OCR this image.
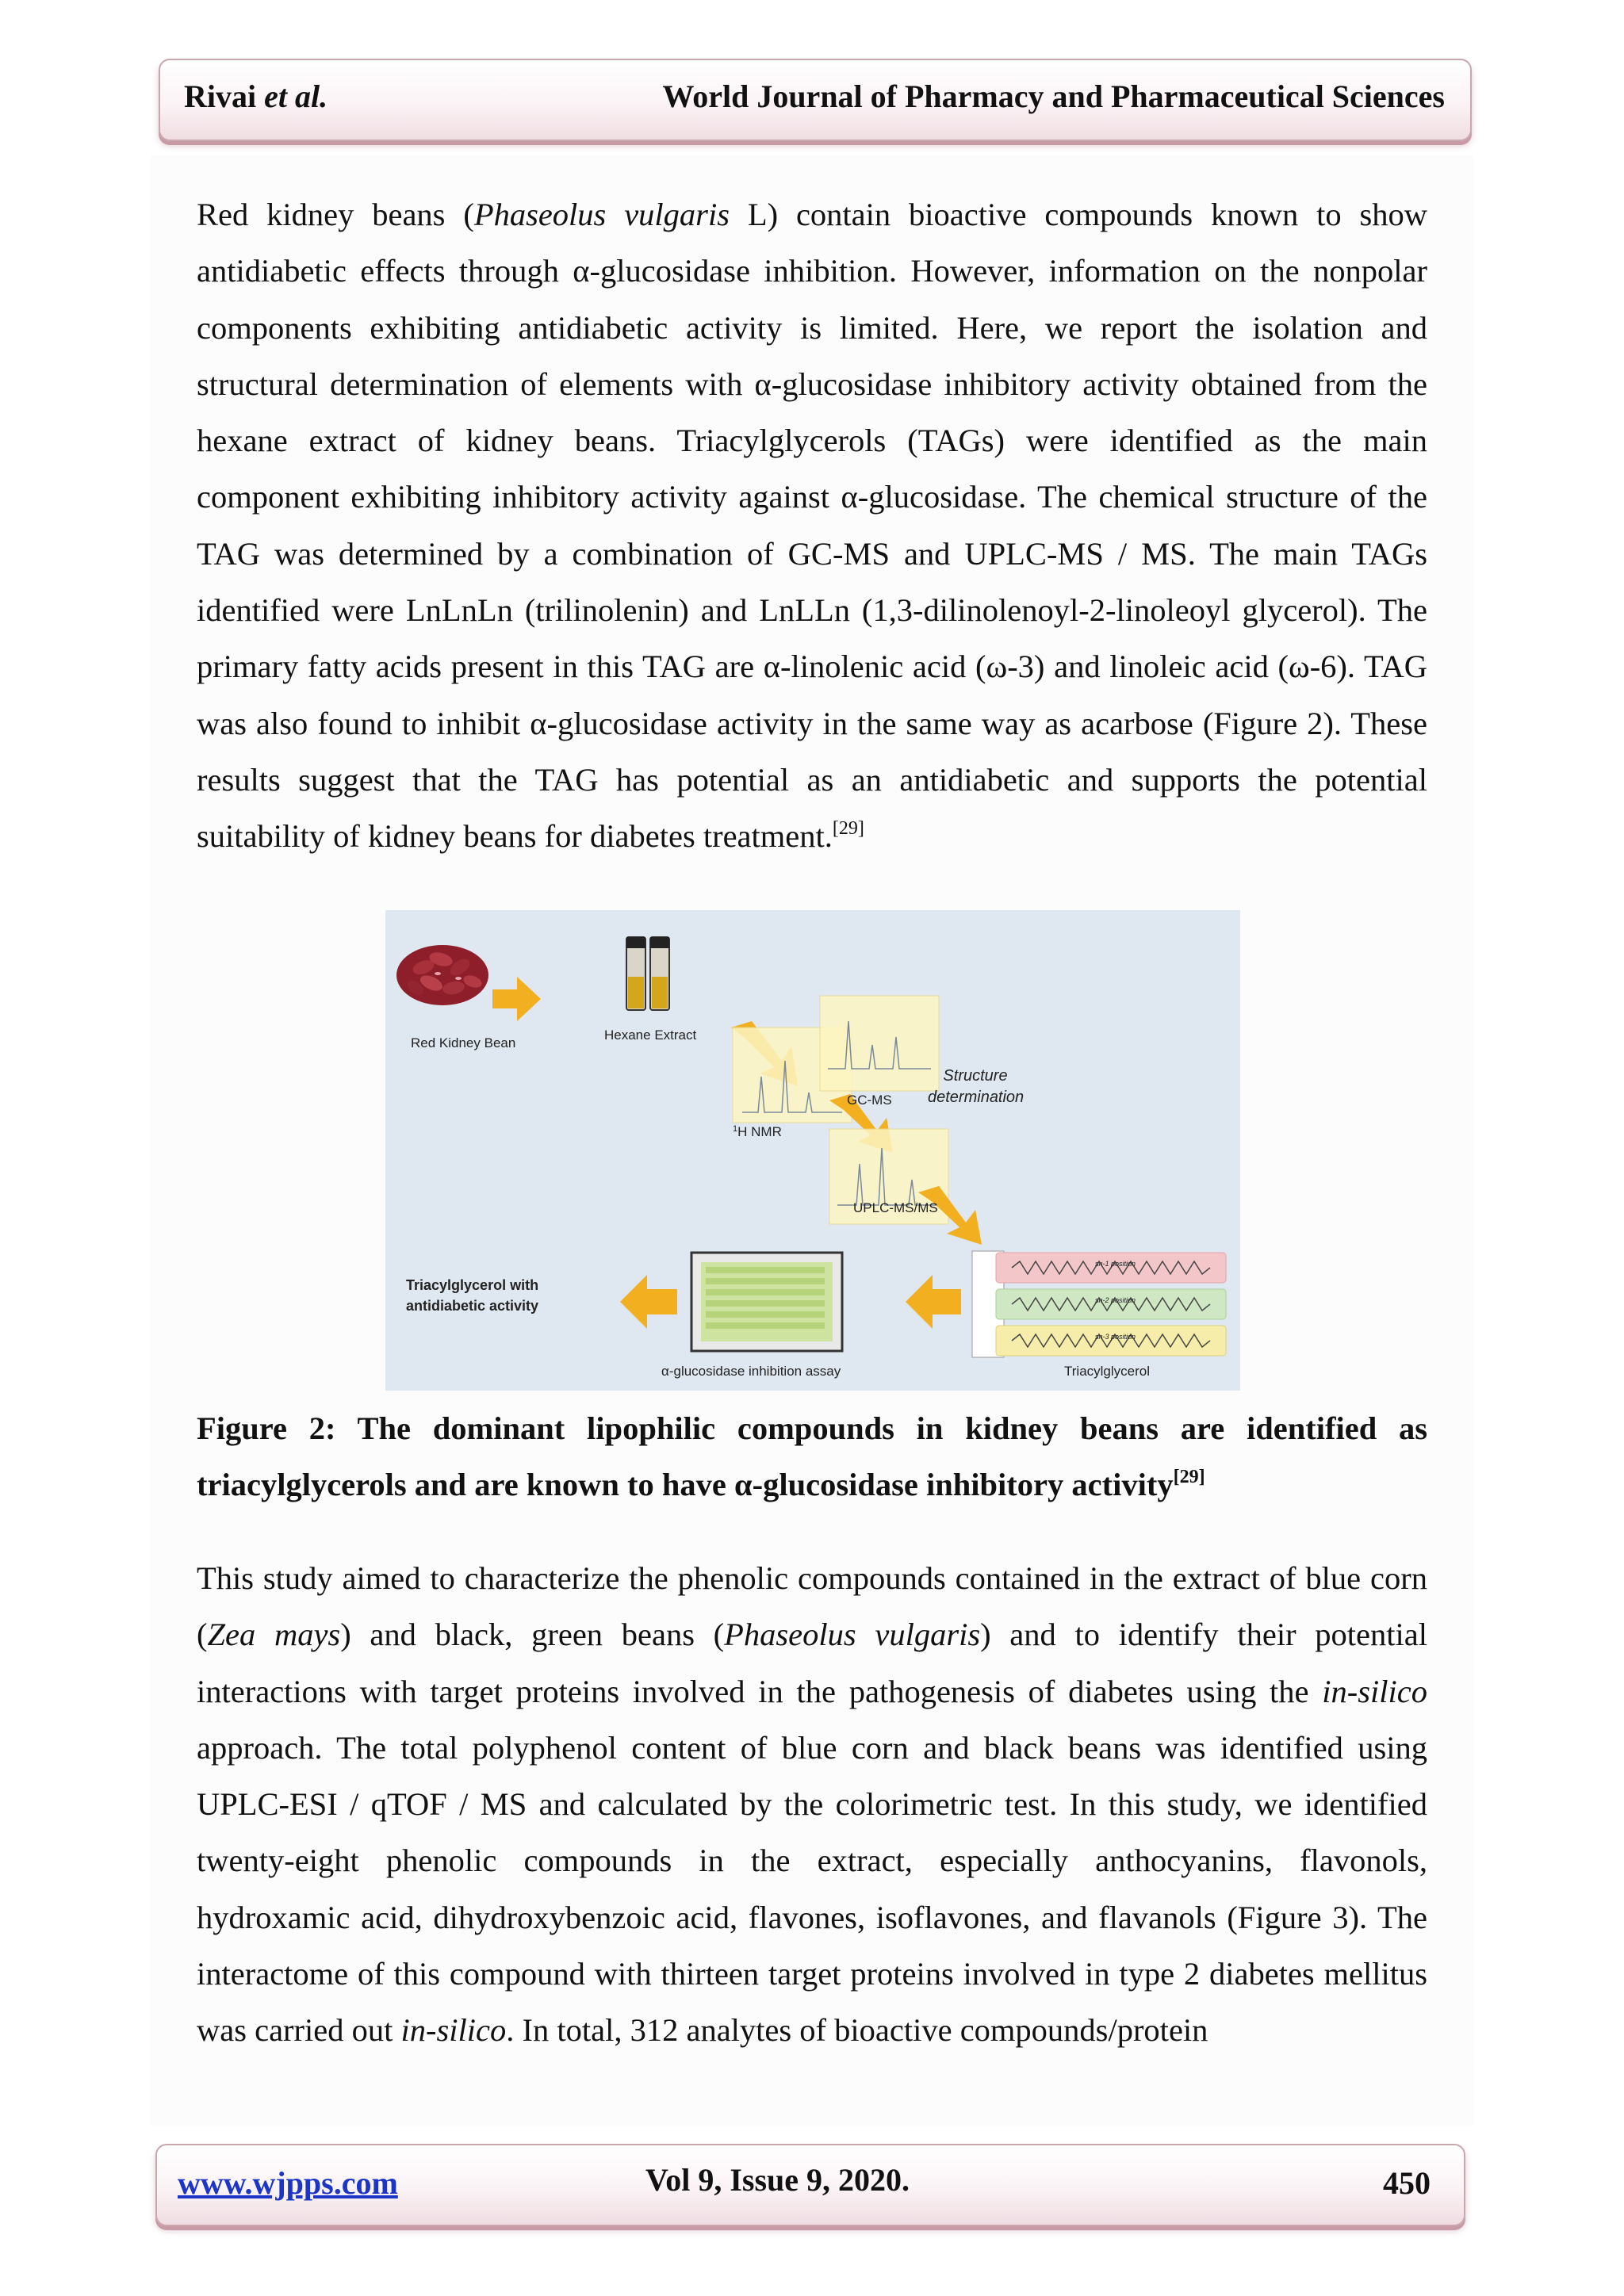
Rivai et al.	World Journal of Pharmacy and Pharmaceutical Sciences
Red kidney beans (Phaseolus vulgaris L) contain bioactive compounds known to show antidiabetic effects through α-glucosidase inhibition. However, information on the nonpolar components exhibiting antidiabetic activity is limited. Here, we report the isolation and structural determination of elements with α-glucosidase inhibitory activity obtained from the hexane extract of kidney beans. Triacylglycerols (TAGs) were identified as the main component exhibiting inhibitory activity against α-glucosidase. The chemical structure of the TAG was determined by a combination of GC-MS and UPLC-MS / MS. The main TAGs identified were LnLnLn (trilinolenin) and LnLLn (1,3-dilinolenoyl-2-linoleoyl glycerol). The primary fatty acids present in this TAG are α-linolenic acid (ω-3) and linoleic acid (ω-6). TAG was also found to inhibit α-glucosidase activity in the same way as acarbose (Figure 2). These results suggest that the TAG has potential as an antidiabetic and supports the potential suitability of kidney beans for diabetes treatment.[29]
Red Kidney Bean
Hexane Extract
$^1$H NMR
GC-MS
Structure
determination
UPLC-MS/MS
Triacylglycerol with
antidiabetic activity
α-glucosidase inhibition assay	Triacylglycerol
sn-1 position
sn-2 position
sn-3 position
Figure 2: The dominant lipophilic compounds in kidney beans are identified as triacylglycerols and are known to have α-glucosidase inhibitory activity[29]
This study aimed to characterize the phenolic compounds contained in the extract of blue corn (Zea mays) and black, green beans (Phaseolus vulgaris) and to identify their potential interactions with target proteins involved in the pathogenesis of diabetes using the in-silico approach. The total polyphenol content of blue corn and black beans was identified using UPLC-ESI / qTOF / MS and calculated by the colorimetric test. In this study, we identified twenty-eight phenolic compounds in the extract, especially anthocyanins, flavonols, hydroxamic acid, dihydroxybenzoic acid, flavones, isoflavones, and flavanols (Figure 3). The interactome of this compound with thirteen target proteins involved in type 2 diabetes mellitus was carried out in-silico. In total, 312 analytes of bioactive compounds/protein
www.wjpps.com	Vol 9, Issue 9, 2020.	450
